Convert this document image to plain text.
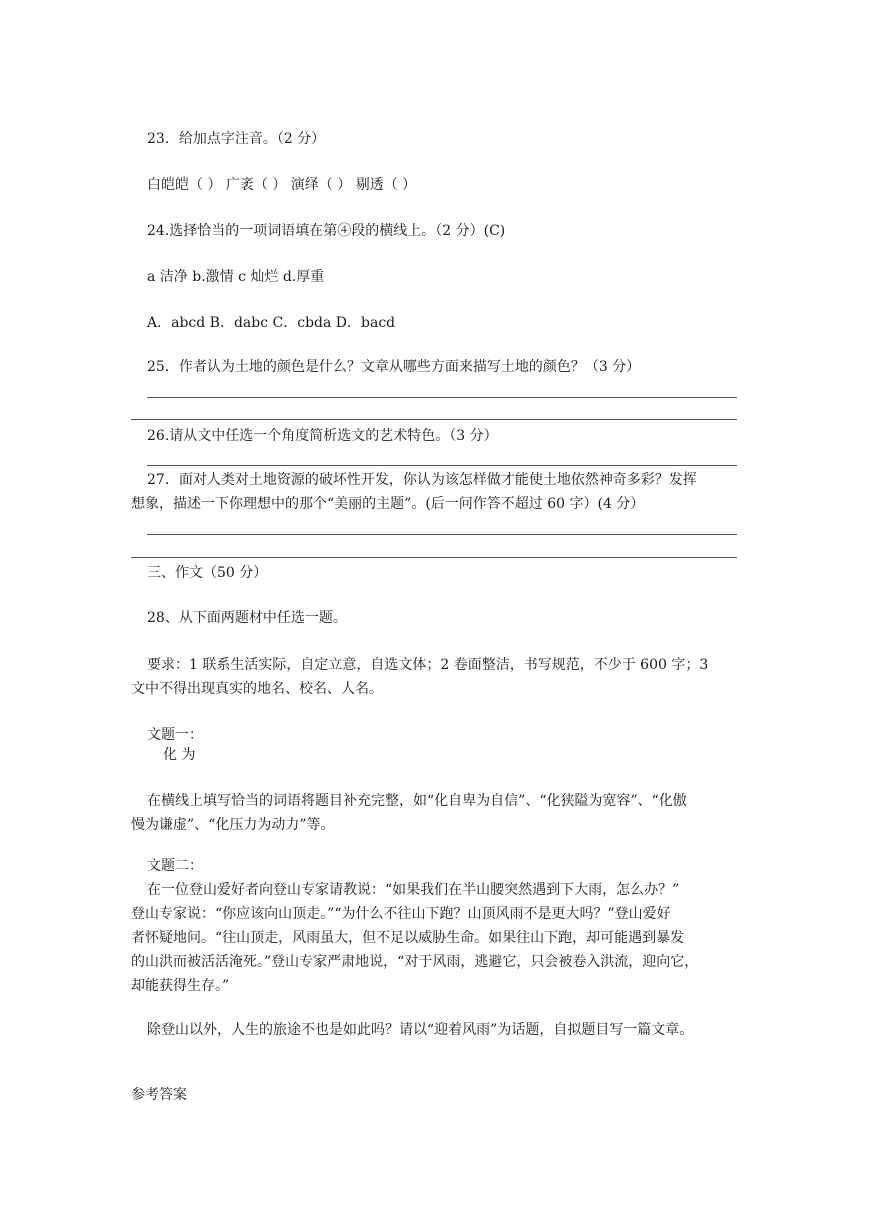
23．给加点字注音。（2 分）
白皑皑（ ） 广袤（ ） 演绎（ ） 剔透（ ）
24.选择恰当的一项词语填在第④段的横线上。（2 分）(C)
a 洁净 b.激情 c 灿烂 d.厚重
A．abcd B．dabc C．cbda D．bacd
25．作者认为土地的颜色是什么？文章从哪些方面来描写土地的颜色？（3 分）
26.请从文中任选一个角度简析选文的艺术特色。（3 分）
27．面对人类对土地资源的破坏性开发，你认为该怎样做才能使土地依然神奇多彩？发挥
想象，描述一下你理想中的那个“美丽的主题”。(后一问作答不超过 60 字）(4 分）
三、作文（50 分）
28、从下面两题材中任选一题。
要求：1 联系生活实际，自定立意，自选文体；2 卷面整洁，书写规范，不少于 600 字；3
文中不得出现真实的地名、校名、人名。
文题一：
化 为
在横线上填写恰当的词语将题目补充完整，如“化自卑为自信”、“化狭隘为宽容”、“化傲
慢为谦虚”、“化压力为动力”等。
文题二：
在一位登山爱好者向登山专家请教说：“如果我们在半山腰突然遇到下大雨，怎么办？”
登山专家说：“你应该向山顶走。”“为什么不往山下跑？山顶风雨不是更大吗？”登山爱好
者怀疑地问。“往山顶走，风雨虽大，但不足以威胁生命。如果往山下跑，却可能遇到暴发
的山洪而被活活淹死。”登山专家严肃地说，“对于风雨，逃避它，只会被卷入洪流，迎向它，
却能获得生存。”
除登山以外，人生的旅途不也是如此吗？请以“迎着风雨”为话题，自拟题目写一篇文章。
参考答案
